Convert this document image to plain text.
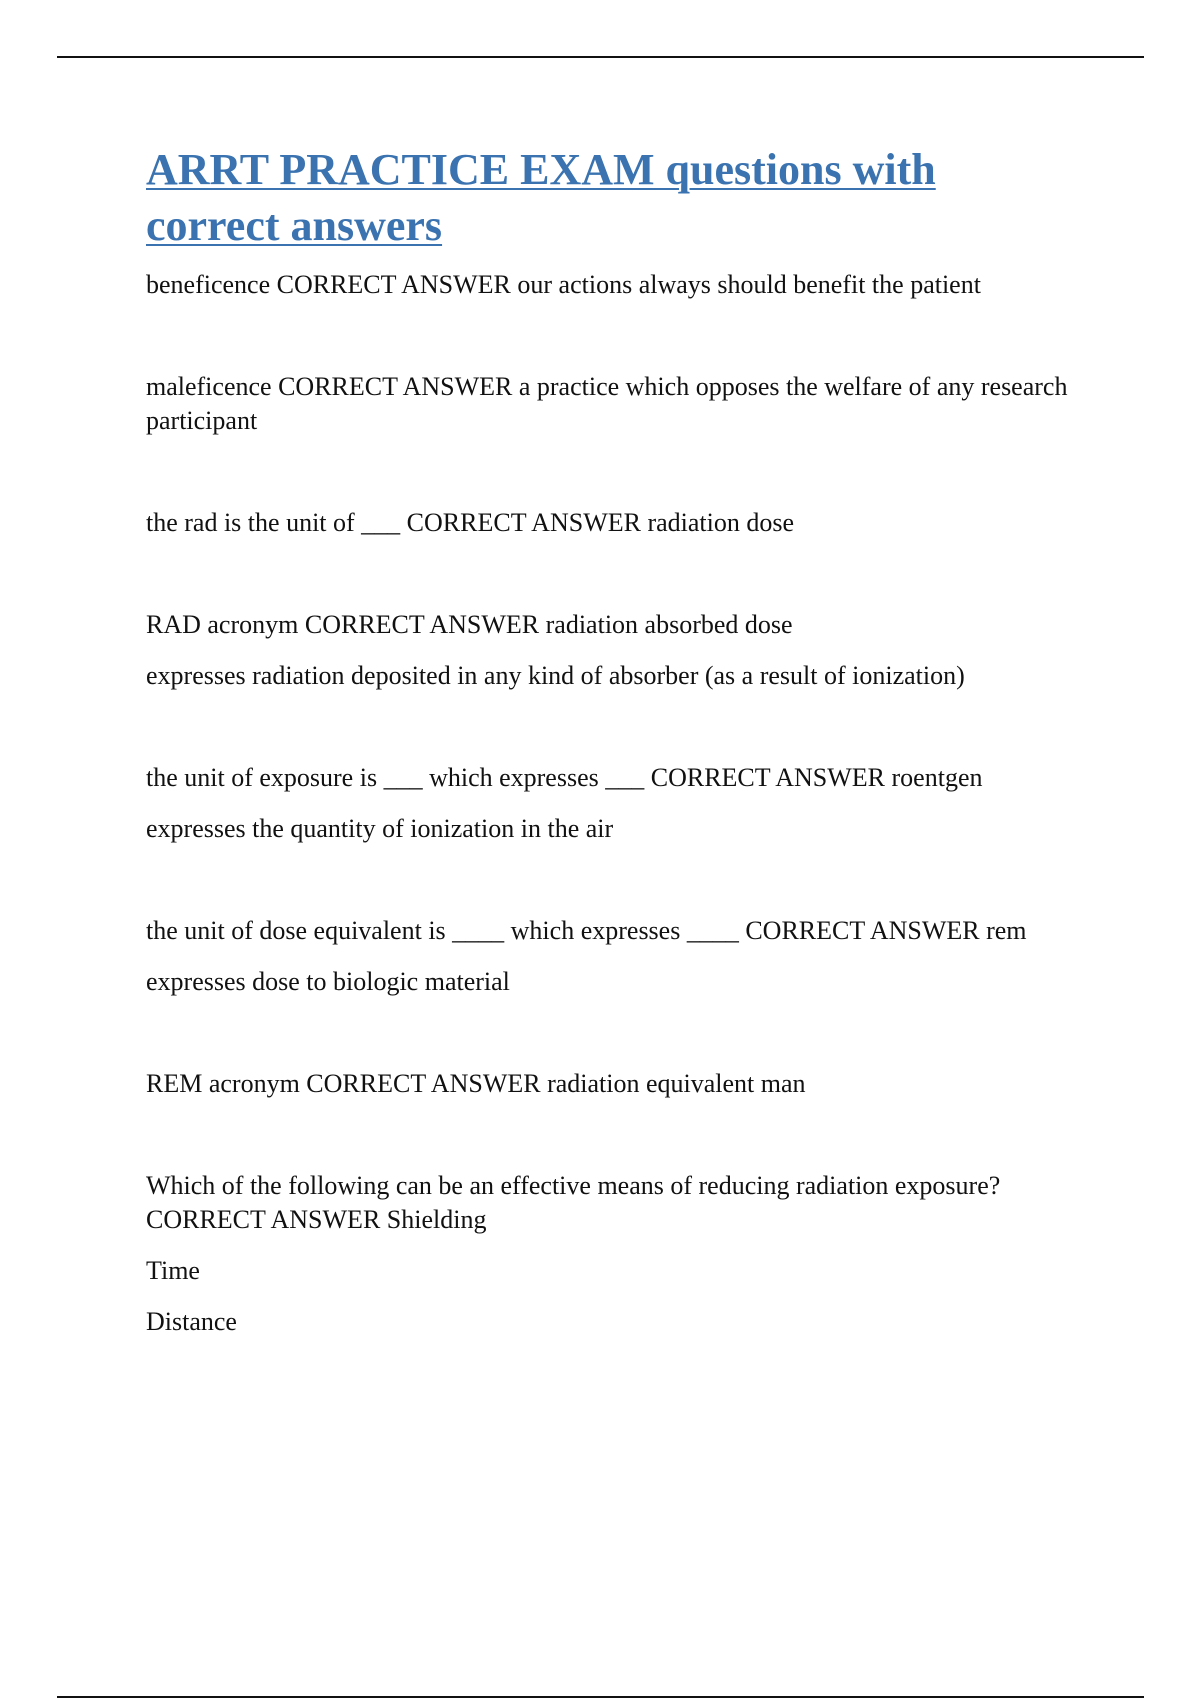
ARRT PRACTICE EXAM questions with
correct answers

beneficence CORRECT ANSWER our actions always should benefit the patient

maleficence CORRECT ANSWER a practice which opposes the welfare of any research participant

the rad is the unit of ___ CORRECT ANSWER radiation dose

RAD acronym CORRECT ANSWER radiation absorbed dose

expresses radiation deposited in any kind of absorber (as a result of ionization)

the unit of exposure is ___ which expresses ___ CORRECT ANSWER roentgen

expresses the quantity of ionization in the air

the unit of dose equivalent is ____ which expresses ____ CORRECT ANSWER rem

expresses dose to biologic material

REM acronym CORRECT ANSWER radiation equivalent man

Which of the following can be an effective means of reducing radiation exposure? CORRECT ANSWER Shielding

Time

Distance
